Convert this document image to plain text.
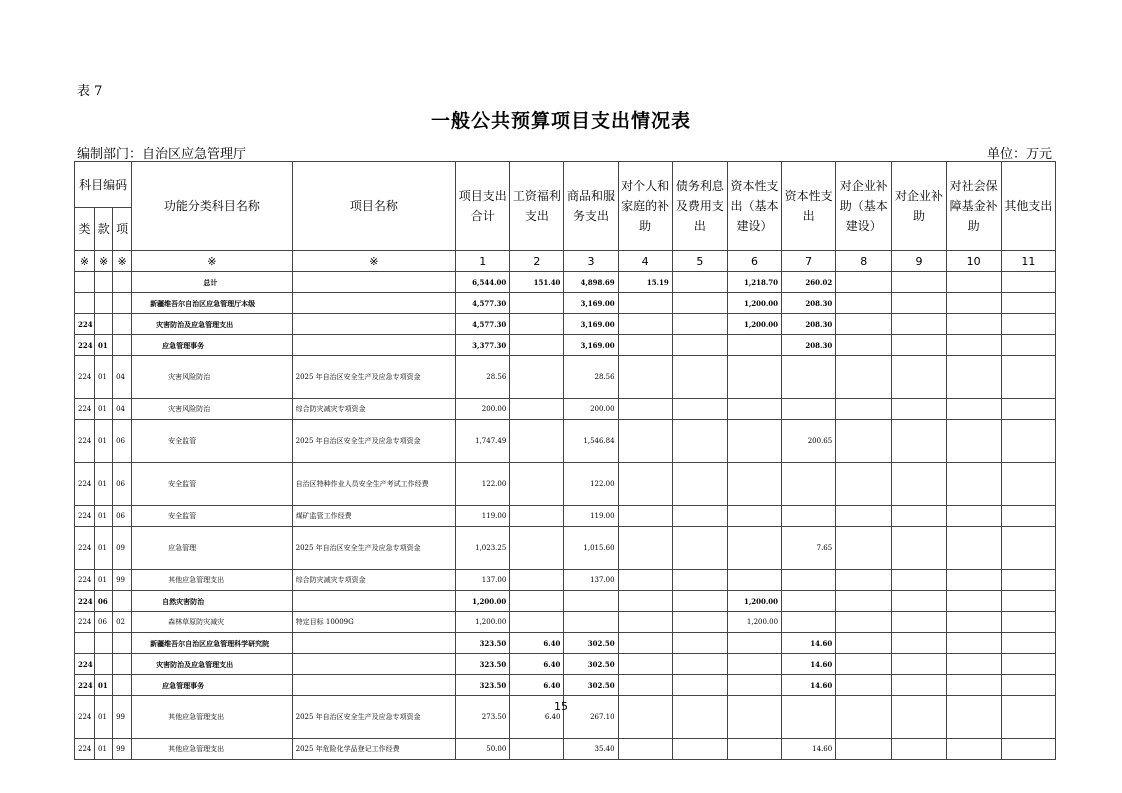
表 7
一般公共预算项目支出情况表
编制部门：自治区应急管理厅	单位：万元
科目编码			功能分类科目名称	项目名称	项目支出合计	工资福利支出	商品和服务支出	对个人和家庭的补助	债务利息及费用支出	资本性支出（基本建设）	资本性支出	对企业补助（基本建设）	对企业补助	对社会保障基金补助	其他支出
类	款	项													
※	※	※	※	※	1	2	3	4	5	6	7	8	9	10	11
			总计		6,544.00	151.40	4,898.69	15.19		1,218.70	260.02				
			新疆维吾尔自治区应急管理厅本级		4,577.30		3,169.00			1,200.00	208.30				
224			灾害防治及应急管理支出		4,577.30		3,169.00			1,200.00	208.30				
224	01		应急管理事务		3,377.30		3,169.00				208.30				
224	01	04	灾害风险防治	2025 年自治区安全生产及应急专项资金	28.56		28.56								
224	01	04	灾害风险防治	综合防灾减灾专项资金	200.00		200.00								
224	01	06	安全监管	2025 年自治区安全生产及应急专项资金	1,747.49		1,546.84				200.65				
224	01	06	安全监管	自治区特种作业人员安全生产考试工作经费	122.00		122.00								
224	01	06	安全监管	煤矿监管工作经费	119.00		119.00								
224	01	09	应急管理	2025 年自治区安全生产及应急专项资金	1,023.25		1,015.60				7.65				
224	01	99	其他应急管理支出	综合防灾减灾专项资金	137.00		137.00								
224	06		自然灾害防治		1,200.00					1,200.00					
224	06	02	森林草原防灾减灾	特定目标 10009G	1,200.00					1,200.00					
			新疆维吾尔自治区应急管理科学研究院		323.50	6.40	302.50				14.60				
224			灾害防治及应急管理支出		323.50	6.40	302.50				14.60				
224	01		应急管理事务		323.50	6.40	302.50				14.60				
224	01	99	其他应急管理支出	2025 年自治区安全生产及应急专项资金	273.50	6.40	267.10								
224	01	99	其他应急管理支出	2025 年危险化学品登记工作经费	50.00		35.40				14.60				
15
